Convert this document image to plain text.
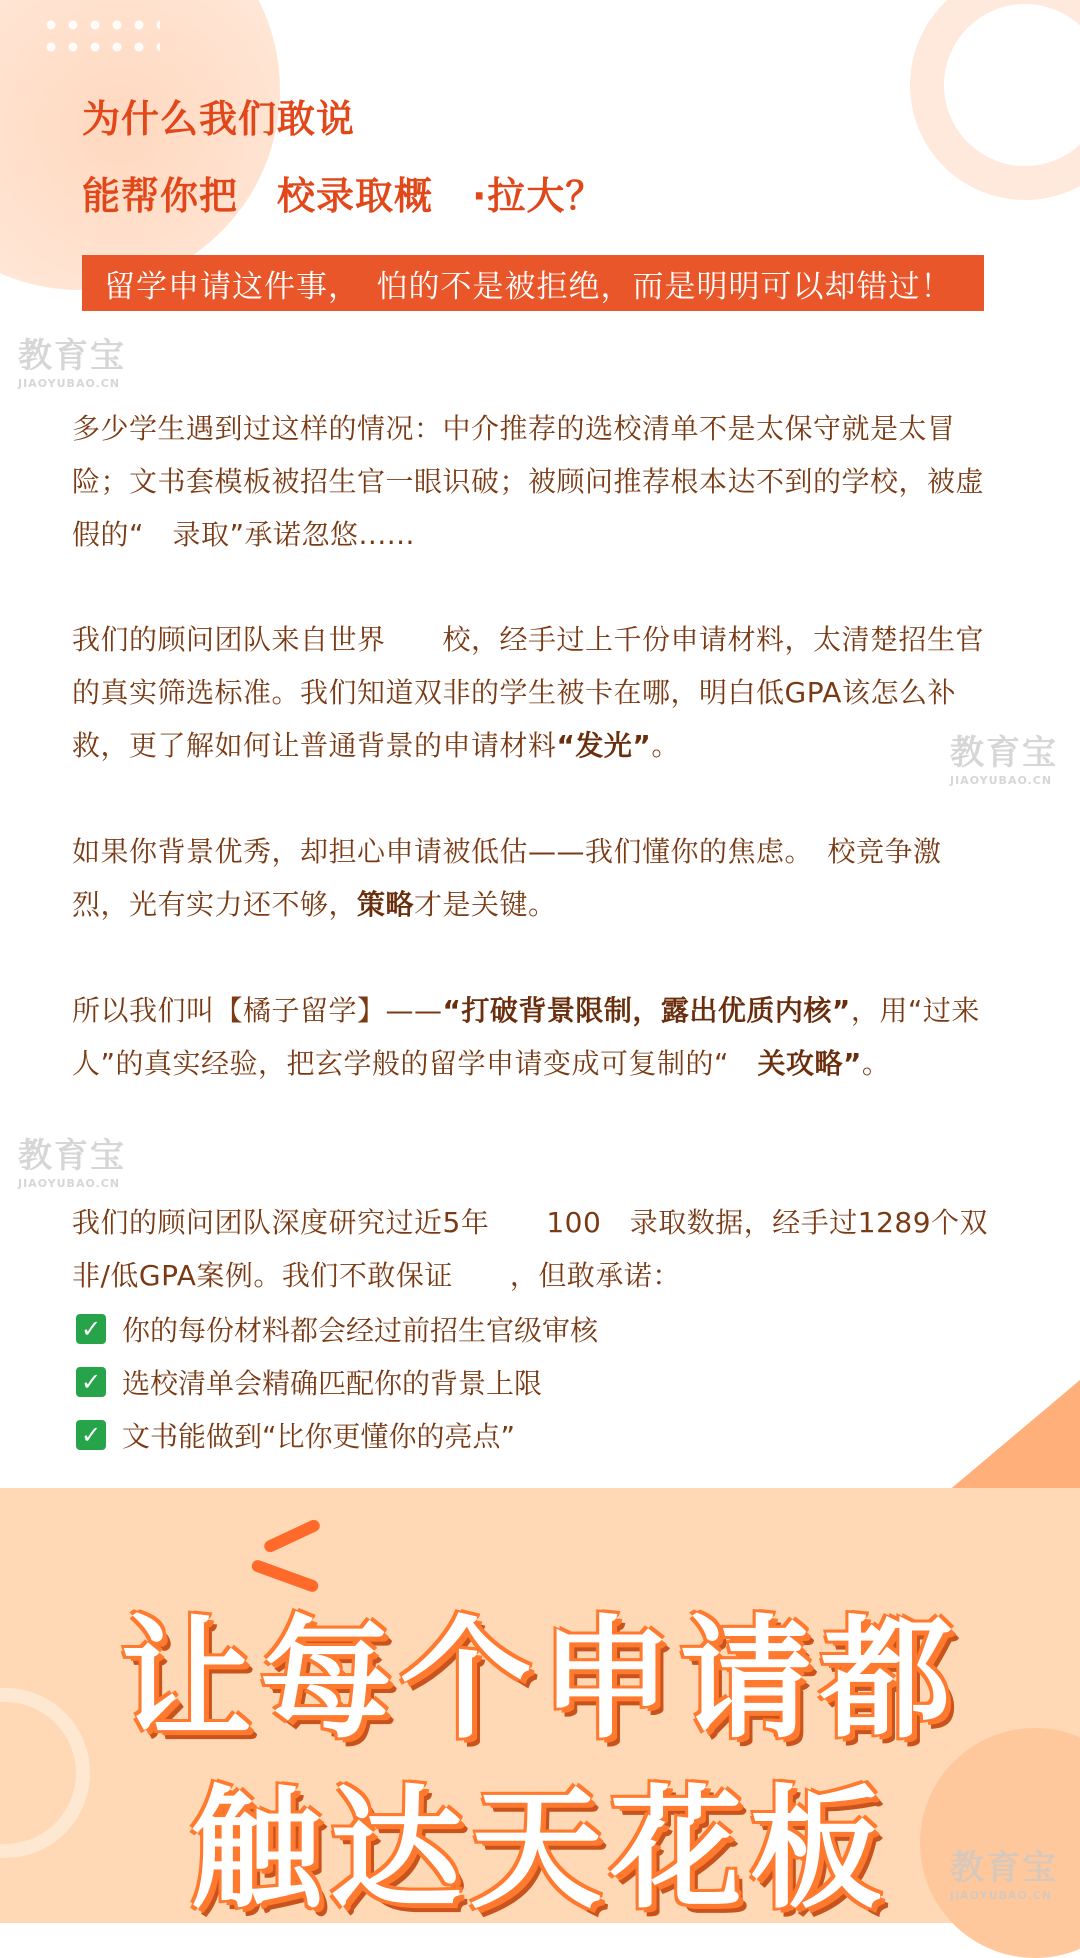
为什么我们敢说
能帮你把　校录取概　·拉大？
留学申请这件事，　怕的不是被拒绝，而是明明可以却错过！
教育宝
JIAOYUBAO.CN
教育宝
JIAOYUBAO.CN
教育宝
JIAOYUBAO.CN
多少学生遇到过这样的情况：中介推荐的选校清单不是太保守就是太冒险；文书套模板被招生官一眼识破；被顾问推荐根本达不到的学校，被虚假的“　录取”承诺忽悠......
我们的顾问团队来自世界　　校，经手过上千份申请材料，太清楚招生官的真实筛选标准。我们知道双非的学生被卡在哪，明白低GPA该怎么补救，更了解如何让普通背景的申请材料“发光”。
如果你背景优秀，却担心申请被低估——我们懂你的焦虑。　校竞争激烈，光有实力还不够，策略才是关键。
所以我们叫【橘子留学】——“打破背景限制，露出优质内核”，用“过来人”的真实经验，把玄学般的留学申请变成可复制的“　关攻略”。
我们的顾问团队深度研究过近5年　　100　录取数据，经手过1289个双非/低GPA案例。我们不敢保证　　，但敢承诺：
✓ 你的每份材料都会经过前招生官级审核
✓ 选校清单会精确匹配你的背景上限
✓ 文书能做到“比你更懂你的亮点”
让每个申请都
触达天花板	教育宝
JIAOYUBAO.CN
